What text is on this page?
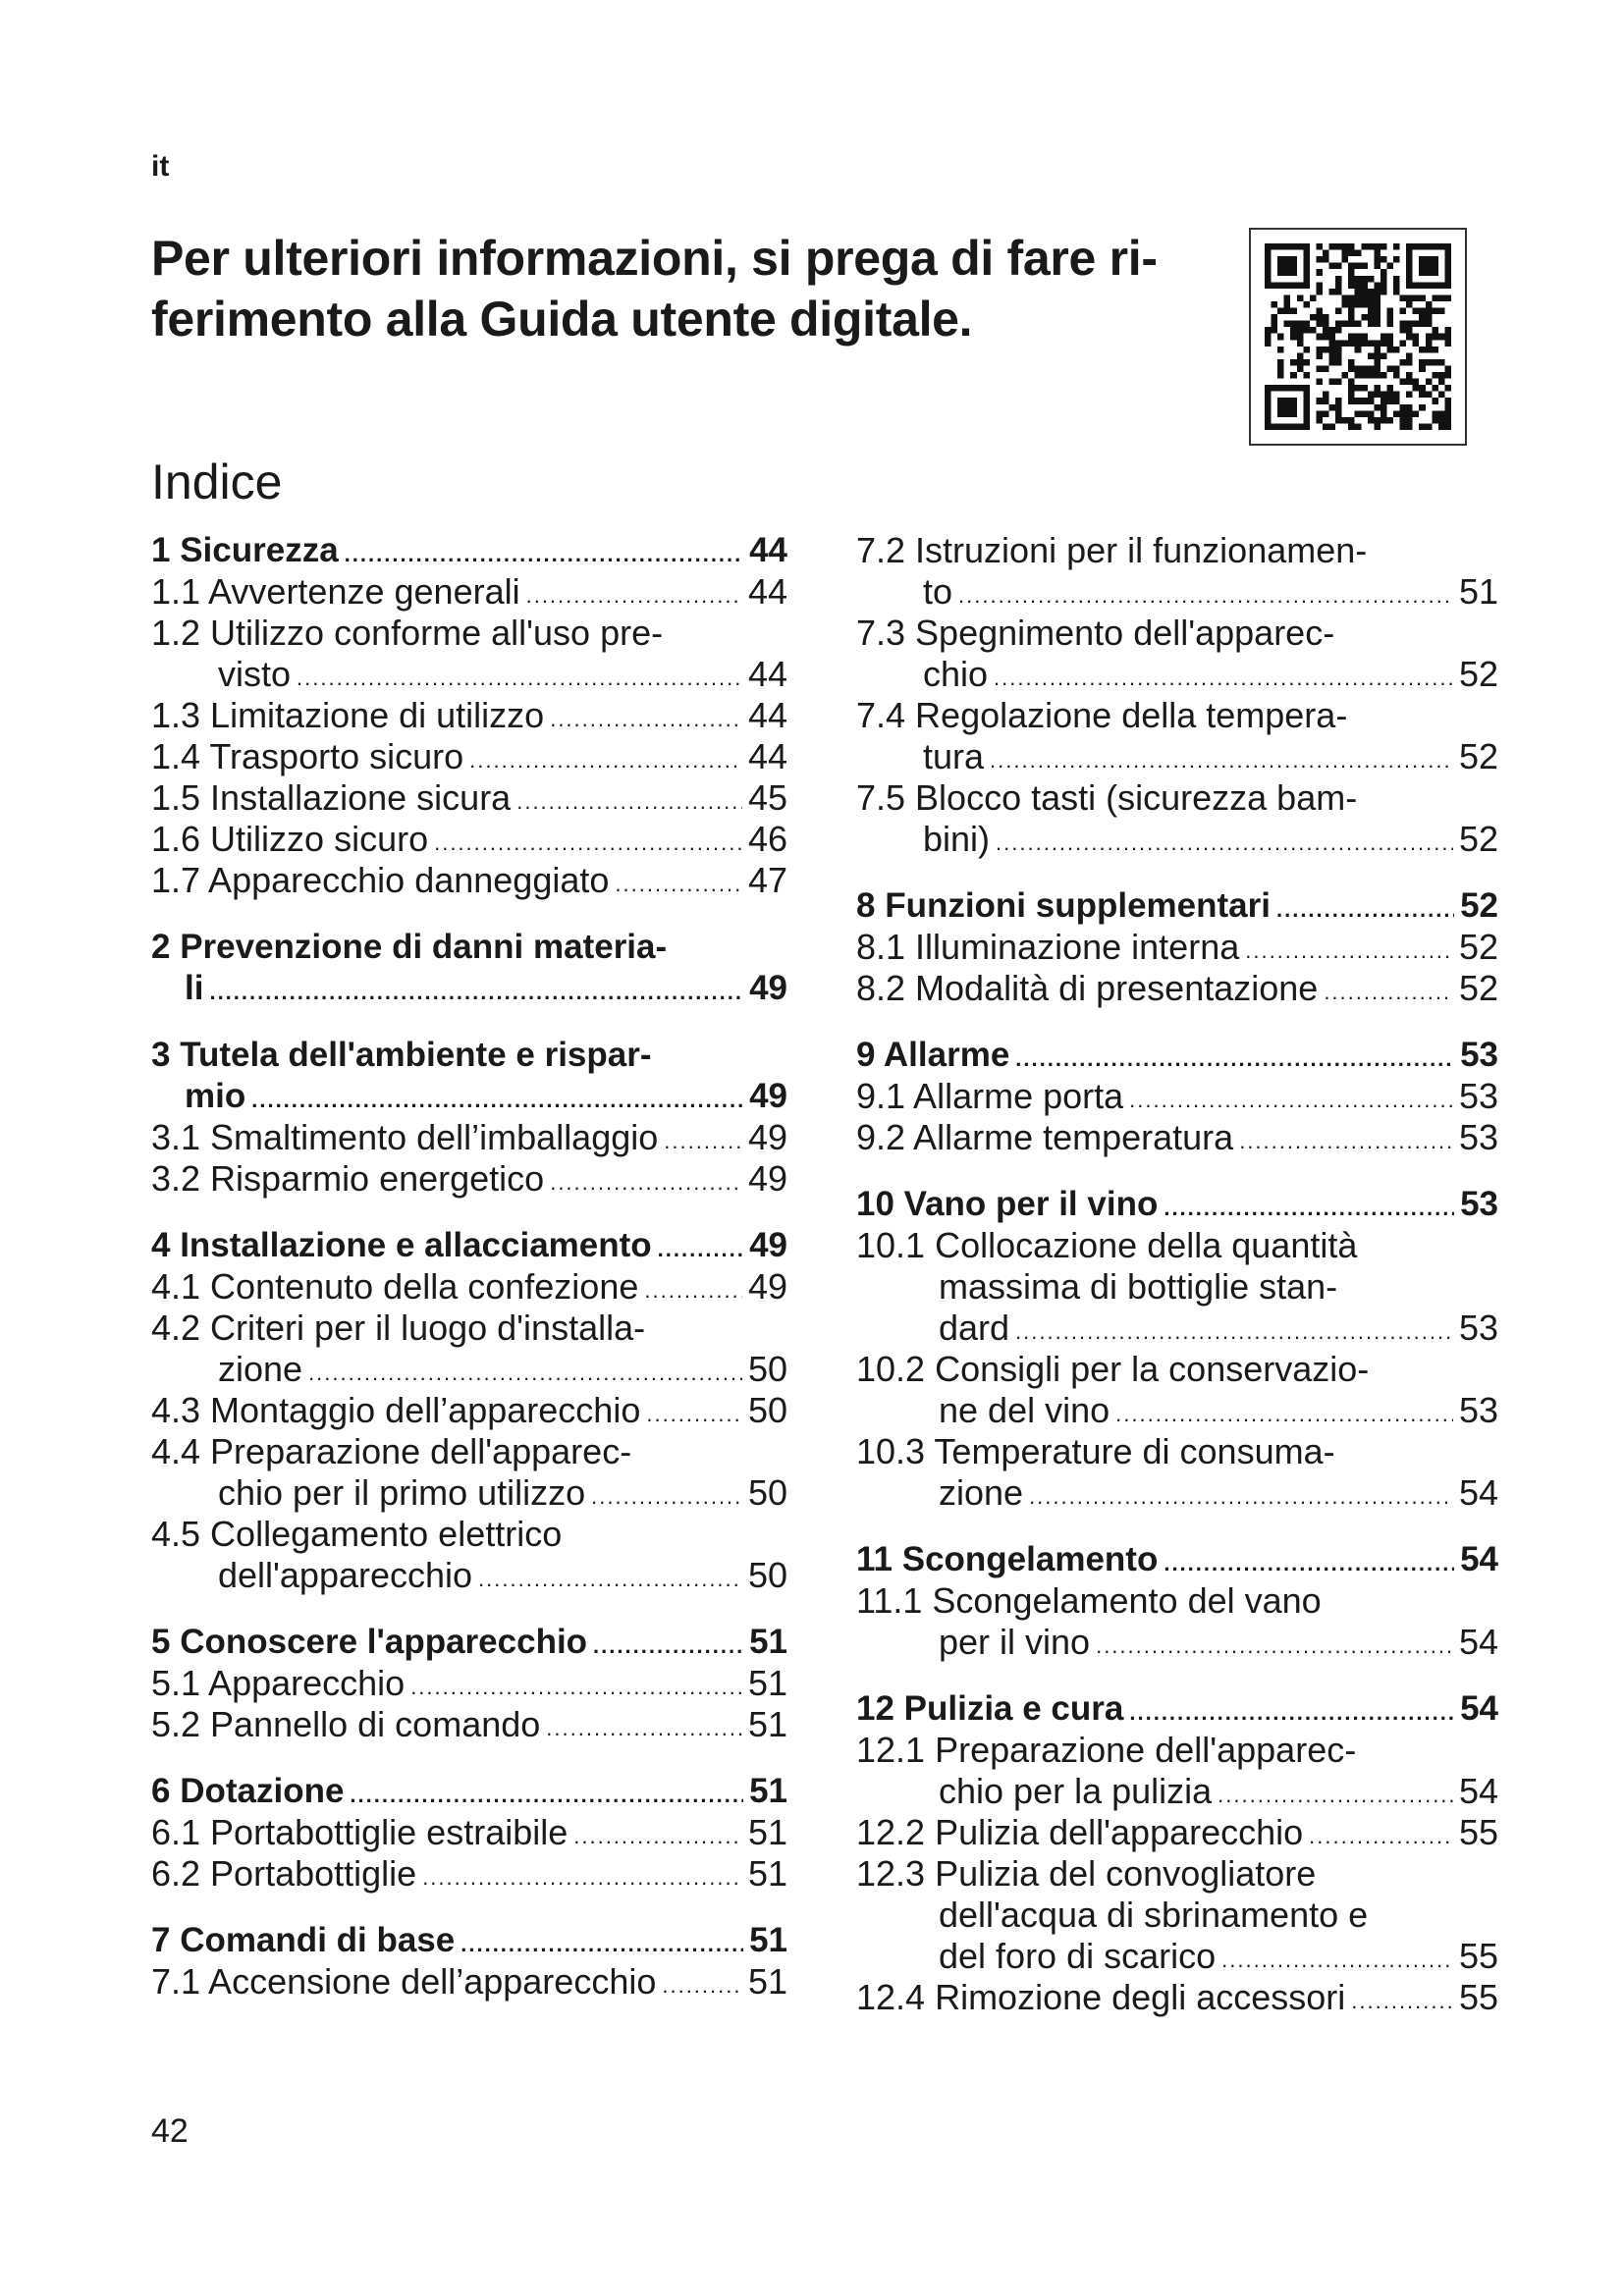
it
Per ulteriori informazioni, si prega di fare ri-
ferimento alla Guida utente digitale.
Indice
1 Sicurezza .....	44
1.1 Avvertenze generali .....	44
1.2 Utilizzo conforme all'uso pre-
visto .....	44
1.3 Limitazione di utilizzo .....	44
1.4 Trasporto sicuro .....	44
1.5 Installazione sicura .....	45
1.6 Utilizzo sicuro .....	46
1.7 Apparecchio danneggiato .....	47
2 Prevenzione di danni materia-
li .....	49
3 Tutela dell'ambiente e rispar-
mio .....	49
3.1 Smaltimento dell’imballaggio .....	49
3.2 Risparmio energetico .....	49
4 Installazione e allacciamento .....	49
4.1 Contenuto della confezione .....	49
4.2 Criteri per il luogo d'installa-
zione .....	50
4.3 Montaggio dell’apparecchio .....	50
4.4 Preparazione dell'apparec-
chio per il primo utilizzo .....	50
4.5 Collegamento elettrico
dell'apparecchio .....	50
5 Conoscere l'apparecchio .....	51
5.1 Apparecchio .....	51
5.2 Pannello di comando .....	51
6 Dotazione .....	51
6.1 Portabottiglie estraibile .....	51
6.2 Portabottiglie .....	51
7 Comandi di base .....	51
7.1 Accensione dell’apparecchio .....	51
7.2 Istruzioni per il funzionamen-
to .....	51
7.3 Spegnimento dell'apparec-
chio .....	52
7.4 Regolazione della tempera-
tura .....	52
7.5 Blocco tasti (sicurezza bam-
bini) .....	52
8 Funzioni supplementari .....	52
8.1 Illuminazione interna .....	52
8.2 Modalità di presentazione .....	52
9 Allarme .....	53
9.1 Allarme porta .....	53
9.2 Allarme temperatura .....	53
10 Vano per il vino .....	53
10.1 Collocazione della quantità
massima di bottiglie stan-
dard .....	53
10.2 Consigli per la conservazio-
ne del vino .....	53
10.3 Temperature di consuma-
zione .....	54
11 Scongelamento .....	54
11.1 Scongelamento del vano
per il vino .....	54
12 Pulizia e cura .....	54
12.1 Preparazione dell'apparec-
chio per la pulizia .....	54
12.2 Pulizia dell'apparecchio .....	55
12.3 Pulizia del convogliatore
dell'acqua di sbrinamento e
del foro di scarico .....	55
12.4 Rimozione degli accessori .....	55
42
